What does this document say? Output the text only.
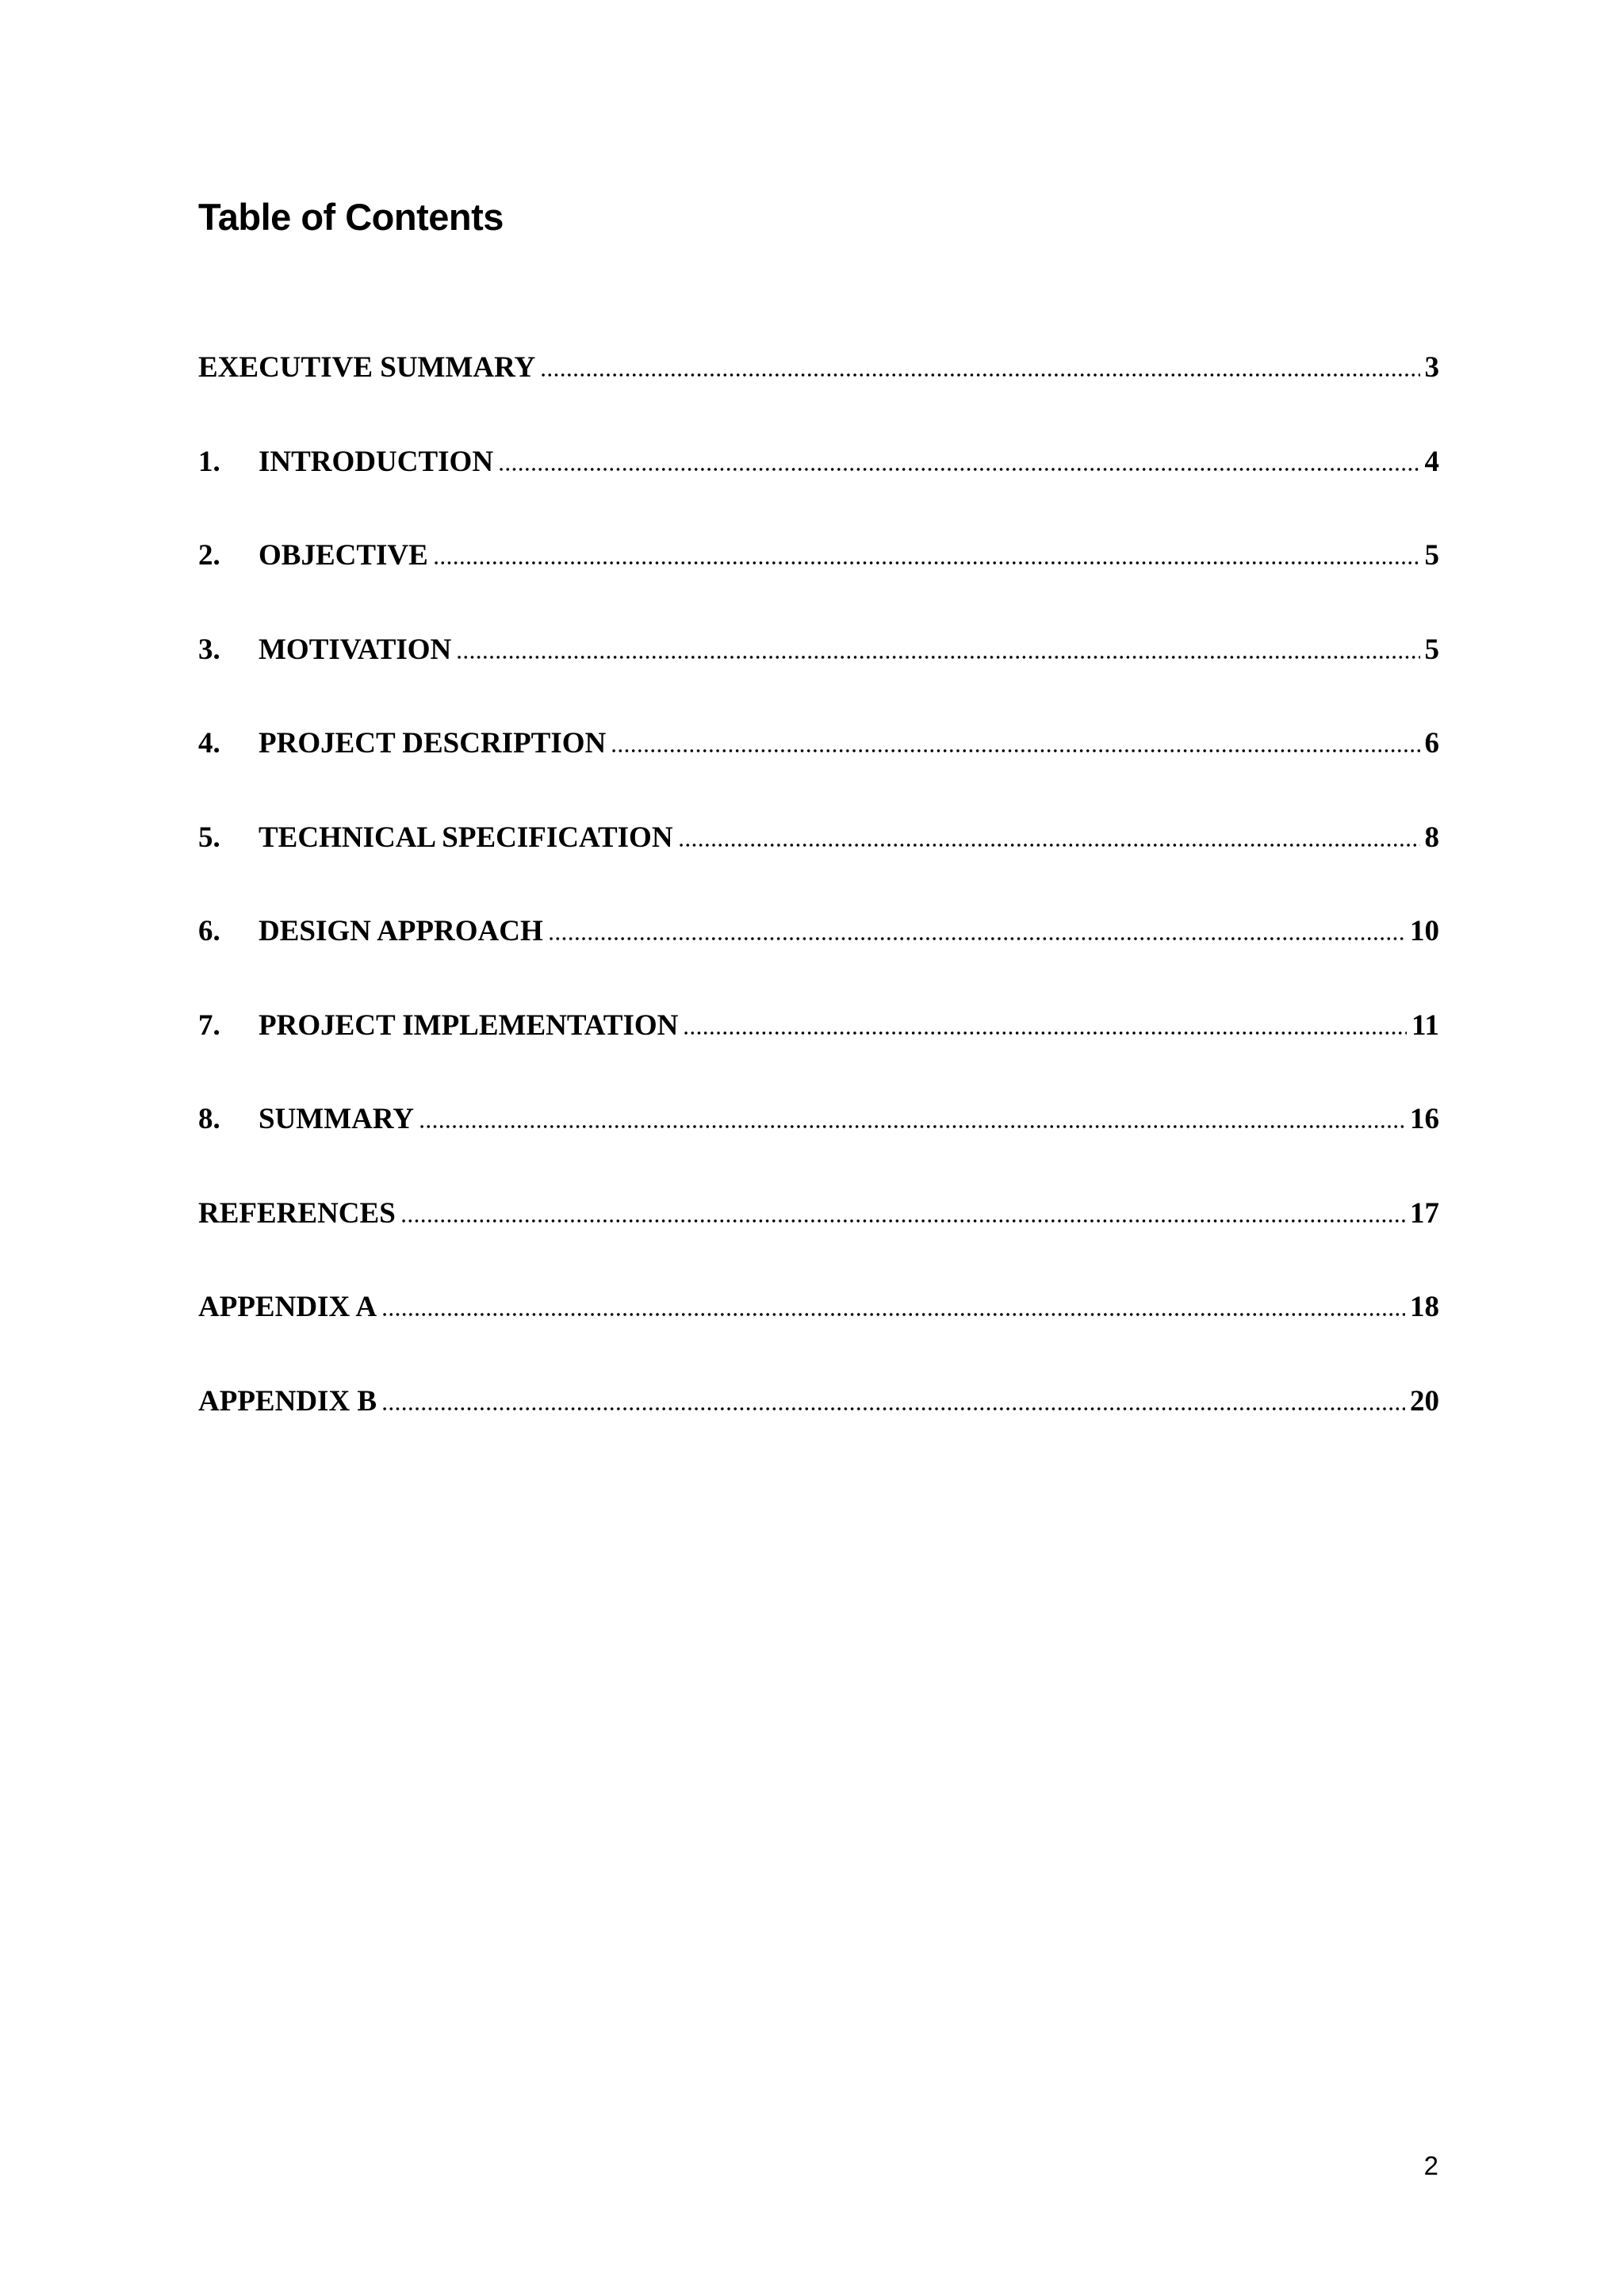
Table of Contents
EXECUTIVE SUMMARY	3
1.	INTRODUCTION	4
2.	OBJECTIVE	5
3.	MOTIVATION	5
4.	PROJECT DESCRIPTION	6
5.	TECHNICAL SPECIFICATION	8
6.	DESIGN APPROACH	10
7.	PROJECT IMPLEMENTATION	11
8.	SUMMARY	16
REFERENCES	17
APPENDIX A	18
APPENDIX B	20
2
